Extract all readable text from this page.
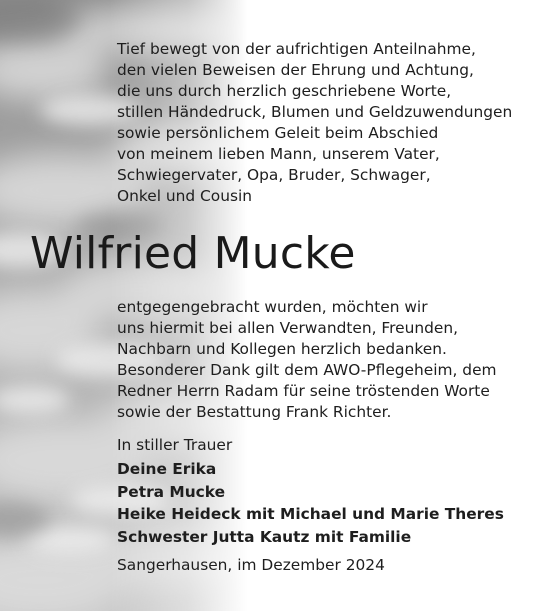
Tief bewegt von der aufrichtigen Anteilnahme,
den vielen Beweisen der Ehrung und Achtung,
die uns durch herzlich geschriebene Worte,
stillen Händedruck, Blumen und Geldzuwendungen
sowie persönlichem Geleit beim Abschied
von meinem lieben Mann, unserem Vater,
Schwiegervater, Opa, Bruder, Schwager,
Onkel und Cousin

Wilfried Mucke

entgegengebracht wurden, möchten wir
uns hiermit bei allen Verwandten, Freunden,
Nachbarn und Kollegen herzlich bedanken.
Besonderer Dank gilt dem AWO-Pflegeheim, dem
Redner Herrn Radam für seine tröstenden Worte
sowie der Bestattung Frank Richter.

In stiller Trauer
Deine Erika
Petra Mucke
Heike Heideck mit Michael und Marie Theres
Schwester Jutta Kautz mit Familie
Sangerhausen, im Dezember 2024
